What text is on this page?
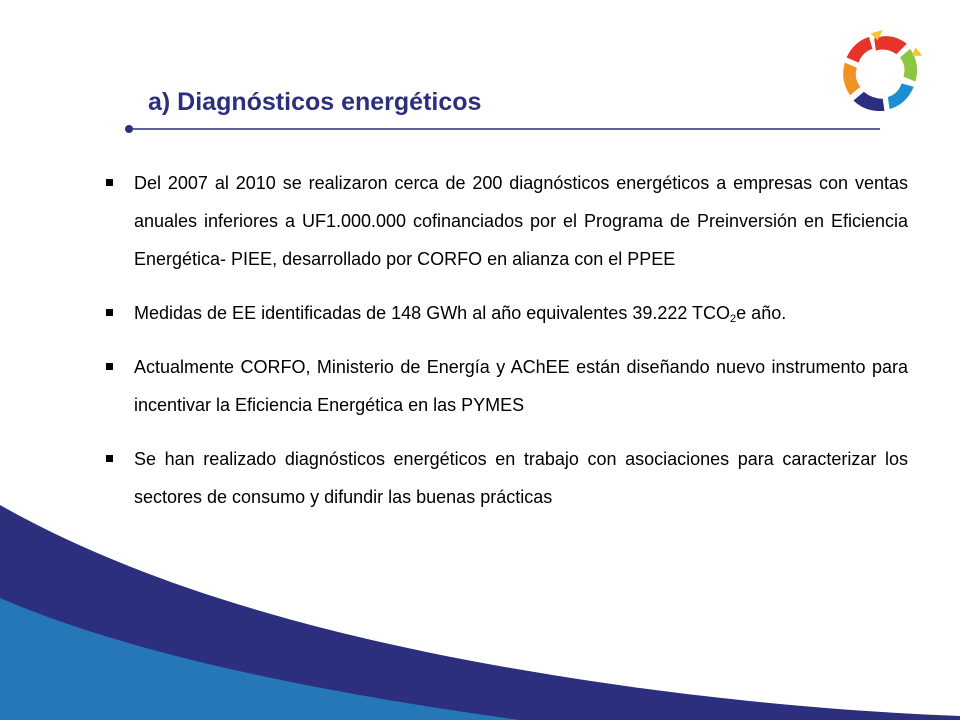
a) Diagnósticos energéticos
Del 2007 al 2010 se realizaron cerca de 200 diagnósticos energéticos a empresas con ventas anuales inferiores a UF1.000.000 cofinanciados por el Programa de Preinversión en Eficiencia Energética- PIEE, desarrollado por CORFO en alianza con el PPEE
Medidas de EE identificadas de 148 GWh al año equivalentes 39.222 $TCO_2e$ año.
Actualmente CORFO, Ministerio de Energía y AChEE están diseñando nuevo instrumento para incentivar la Eficiencia Energética en las PYMES
Se han realizado diagnósticos energéticos en trabajo con asociaciones para caracterizar los sectores de consumo y difundir las buenas prácticas
